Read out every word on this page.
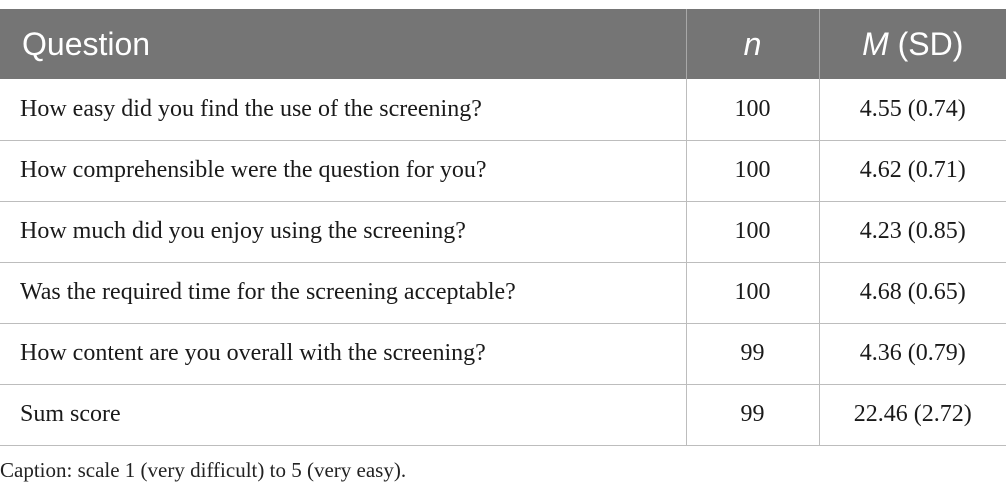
Question	n	M (SD)
How easy did you find the use of the screening?	100	4.55 (0.74)
How comprehensible were the question for you?	100	4.62 (0.71)
How much did you enjoy using the screening?	100	4.23 (0.85)
Was the required time for the screening acceptable?	100	4.68 (0.65)
How content are you overall with the screening?	99	4.36 (0.79)
Sum score	99	22.46 (2.72)
Caption: scale 1 (very difficult) to 5 (very easy).
